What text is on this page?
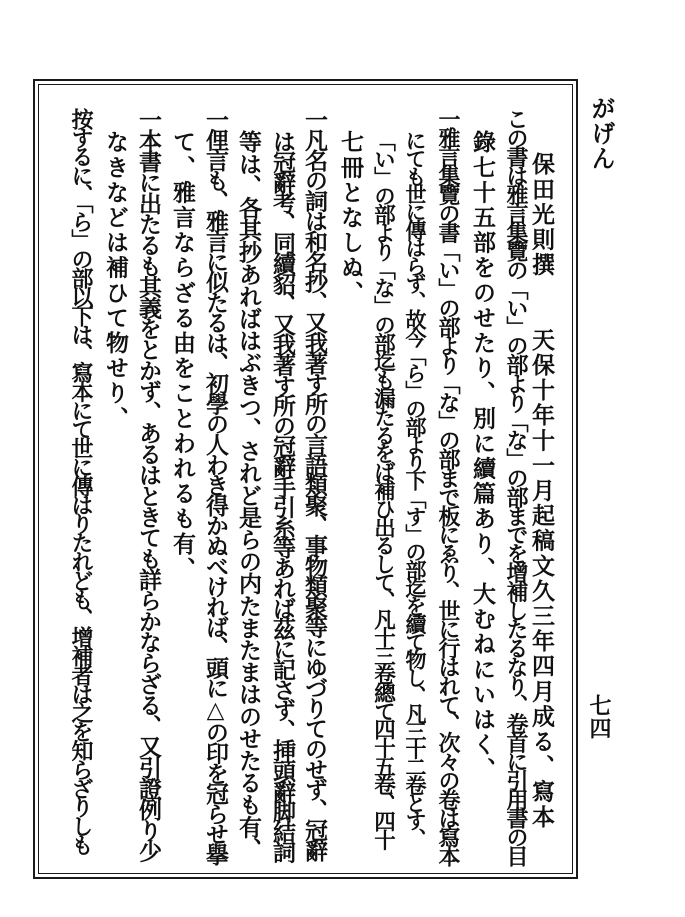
がげん
七四
保田光則撰　　天保十年十一月起稿文久三年四月成る、寫本
この書は雅言集覽の「い」の部より「な」の部までを增補したるなり、卷首に引用書の目
錄七十五部をのせたり、別に續篇あり、大むねにいはく、
一雅言集覽の書「い」の部より「な」の部まで板にゑり、世に行はれて、次々の卷は寫本
にても世に傳はらず、故今「ら」の部より下「す」の部迄を續て物し、凡三十二卷とす、
「い」の部より「な」の部迄も漏たるをば補ひ出るして、凡十三卷總て四十五卷、四十
七冊となしぬ、
一凡名の詞は和名抄、又我著す所の言語類聚、事物類聚等にゆづりてのせず、冠辭
は冠辭考、同續貂、又我著す所の冠辭手引糸等あれば茲に記さず、挿頭辭脚結詞
等は、各其抄あればはぶきつ、されど是らの内たまたまはのせたるも有、
一俚言も、雅言に似たるは、初學の人わき得かぬべければ、頭に△の印を冠らせ擧
て、雅言ならざる由をことわれるも有、
一本書に出たるも其義をとかず、あるはときても詳らかならざる、又引證例り少
なきなどは補ひて物せり、
按するに、「ら」の部以下は、寫本にて世に傳はりたれども、增補者は之を知らざりしも
